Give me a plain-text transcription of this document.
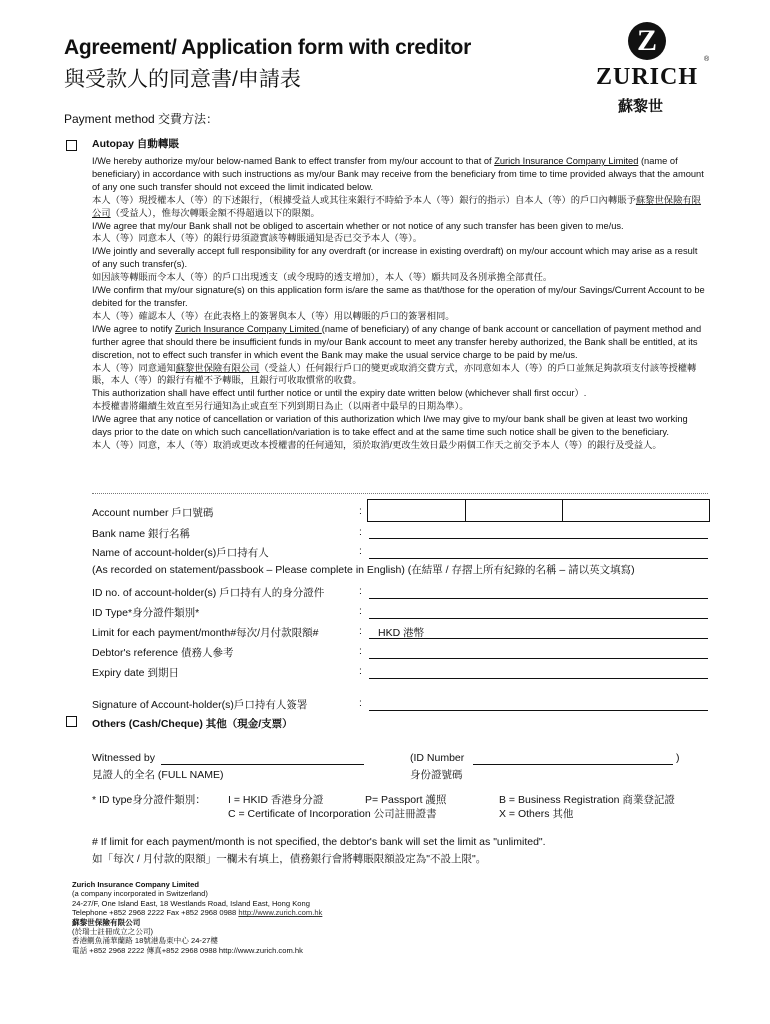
Agreement/ Application form with creditor
與受款人的同意書/申請表
Z
®
ZURICH
蘇黎世
Payment method 交費方法：
Autopay 自動轉賬

I/We hereby authorize my/our below-named Bank to effect transfer from my/our account to that of Zurich Insurance Company Limited (name of beneficiary) in accordance with such instructions as my/our Bank may receive from the beneficiary from time to time provided always that the amount of any one such transfer should not exceed the limit indicated below.

本人（等）現授權本人（等）的下述銀行，（根據受益人或其往來銀行不時給予本人（等）銀行的指示）自本人（等）的戶口內轉賬予蘇黎世保險有限公司（受益人），惟每次轉賬金額不得超過以下的限額。

I/We agree that my/our Bank shall not be obliged to ascertain whether or not notice of any such transfer has been given to me/us.

本人（等）同意本人（等）的銀行毋須證實該等轉賬通知是否已交予本人（等）。

I/We jointly and severally accept full responsibility for any overdraft (or increase in existing overdraft) on my/our account which may arise as a result of any such transfer(s).

如因該等轉賬而令本人（等）的戶口出現透支（或令現時的透支增加），本人（等）願共同及各別承擔全部責任。

I/We confirm that my/our signature(s) on this application form is/are the same as that/those for the operation of my/our Savings/Current Account to be debited for the transfer.

本人（等）確認本人（等）在此表格上的簽署與本人（等）用以轉賬的戶口的簽署相同。

I/We agree to notify Zurich Insurance Company Limited (name of beneficiary) of any change of bank account or cancellation of payment method and further agree that should there be insufficient funds in my/our Bank account to meet any transfer hereby authorized, the Bank shall be entitled, at its discretion, not to effect such transfer in which event the Bank may make the usual service charge to be paid by me/us.

本人（等）同意通知蘇黎世保險有限公司（受益人）任何銀行戶口的變更或取消交費方式，亦同意如本人（等）的戶口並無足夠款項支付該等授權轉賬，本人（等）的銀行有權不予轉賬，且銀行可收取慣常的收費。

This authorization shall have effect until further notice or until the expiry date written below (whichever shall first occur）.

本授權書將繼續生效直至另行通知為止或直至下列到期日為止（以兩者中最早的日期為準）。

I/We agree that any notice of cancellation or variation of this authorization which I/we may give to my/our bank shall be given at least two working days prior to the date on which such cancellation/variation is to take effect and at the same time such notice shall be given to the beneficiary.

本人（等）同意，本人（等）取消或更改本授權書的任何通知，須於取消/更改生效日最少兩個工作天之前交予本人（等）的銀行及受益人。

Account number 戶口號碼	:
Bank name 銀行名稱	:
Name of account-holder(s)戶口持有人	:
(As recorded on statement/passbook – Please complete in English) (在結單 / 存摺上所有紀錄的名稱 – 請以英文填寫)
ID no. of account-holder(s) 戶口持有人的身分證件	:
ID Type*身分證件類別*	:
Limit for each payment/month#每次/月付款限額#	: HKD 港幣
Debtor's reference 債務人參考	:
Expiry date 到期日	:
Signature of Account-holder(s)戶口持有人簽署	:
Others (Cash/Cheque) 其他（現金/支票）
Witnessed by
見證人的全名 (FULL NAME)
(ID Number	)
身份證號碼
* ID type身分證件類別： I = HKID 香港身分證	P= Passport 護照	B = Business Registration 商業登記證
C = Certificate of Incorporation 公司註冊證書	X = Others 其他
# If limit for each payment/month is not specified, the debtor's bank will set the limit as "unlimited".
如「每次 / 月付款的限額」一欄未有填上，債務銀行會將轉賬限額設定為"不設上限"。
Zurich Insurance Company Limited
(a company incorporated in Switzerland)
24-27/F, One Island East, 18 Westlands Road, Island East, Hong Kong
Telephone +852 2968 2222 Fax +852 2968 0988 http://www.zurich.com.hk
蘇黎世保險有限公司
(於瑞士註冊成立之公司)
香港鰂魚涌華蘭路 18號港島東中心 24-27樓
電話 +852 2968 2222 傳真+852 2968 0988 http://www.zurich.com.hk
